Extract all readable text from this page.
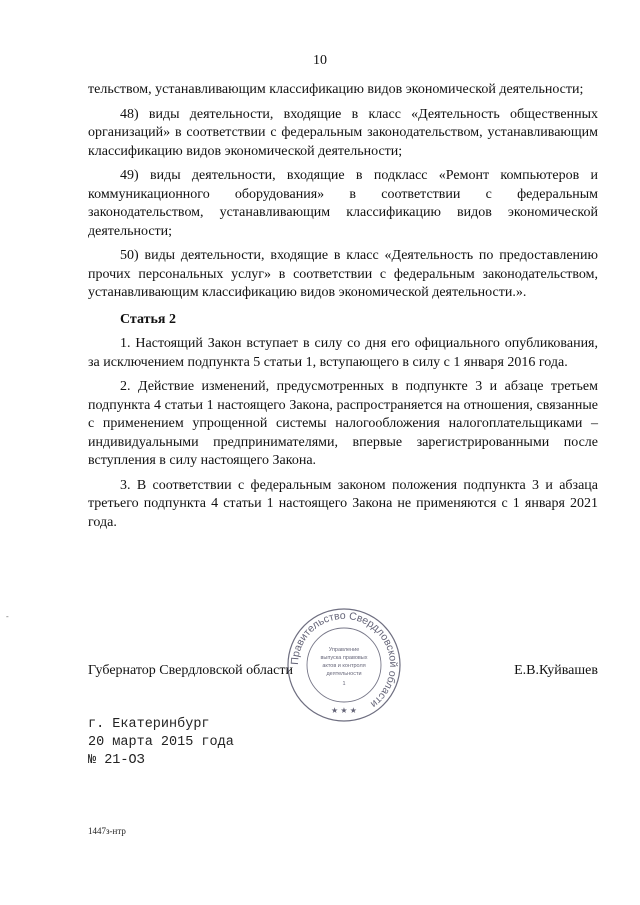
10

тельством, устанавливающим классификацию видов экономической деятельности;

48) виды деятельности, входящие в класс «Деятельность общественных организаций» в соответствии с федеральным законодательством, устанавливающим классификацию видов экономической деятельности;

49) виды деятельности, входящие в подкласс «Ремонт компьютеров и коммуникационного оборудования» в соответствии с федеральным законодательством, устанавливающим классификацию видов экономической деятельности;

50) виды деятельности, входящие в класс «Деятельность по предоставлению прочих персональных услуг» в соответствии с федеральным законодательством, устанавливающим классификацию видов экономической деятельности.».

Статья 2

1. Настоящий Закон вступает в силу со дня его официального опубликования, за исключением подпункта 5 статьи 1, вступающего в силу с 1 января 2016 года.

2. Действие изменений, предусмотренных в подпункте 3 и абзаце третьем подпункта 4 статьи 1 настоящего Закона, распространяется на отношения, связанные с применением упрощенной системы налогообложения налогоплательщиками – индивидуальными предпринимателями, впервые зарегистрированными после вступления в силу настоящего Закона.

3. В соответствии с федеральным законом положения подпункта 3 и абзаца третьего подпункта 4 статьи 1 настоящего Закона не применяются с 1 января 2021 года.

Губернатор Свердловской области	Е.В.Куйвашев
Правительство Свердловской области
Управление
выпуска правовых
актов и контроля
деятельности
1
★ ★ ★
г. Екатеринбург
20 марта 2015 года
№ 21-ОЗ
1447з-нтр
-
